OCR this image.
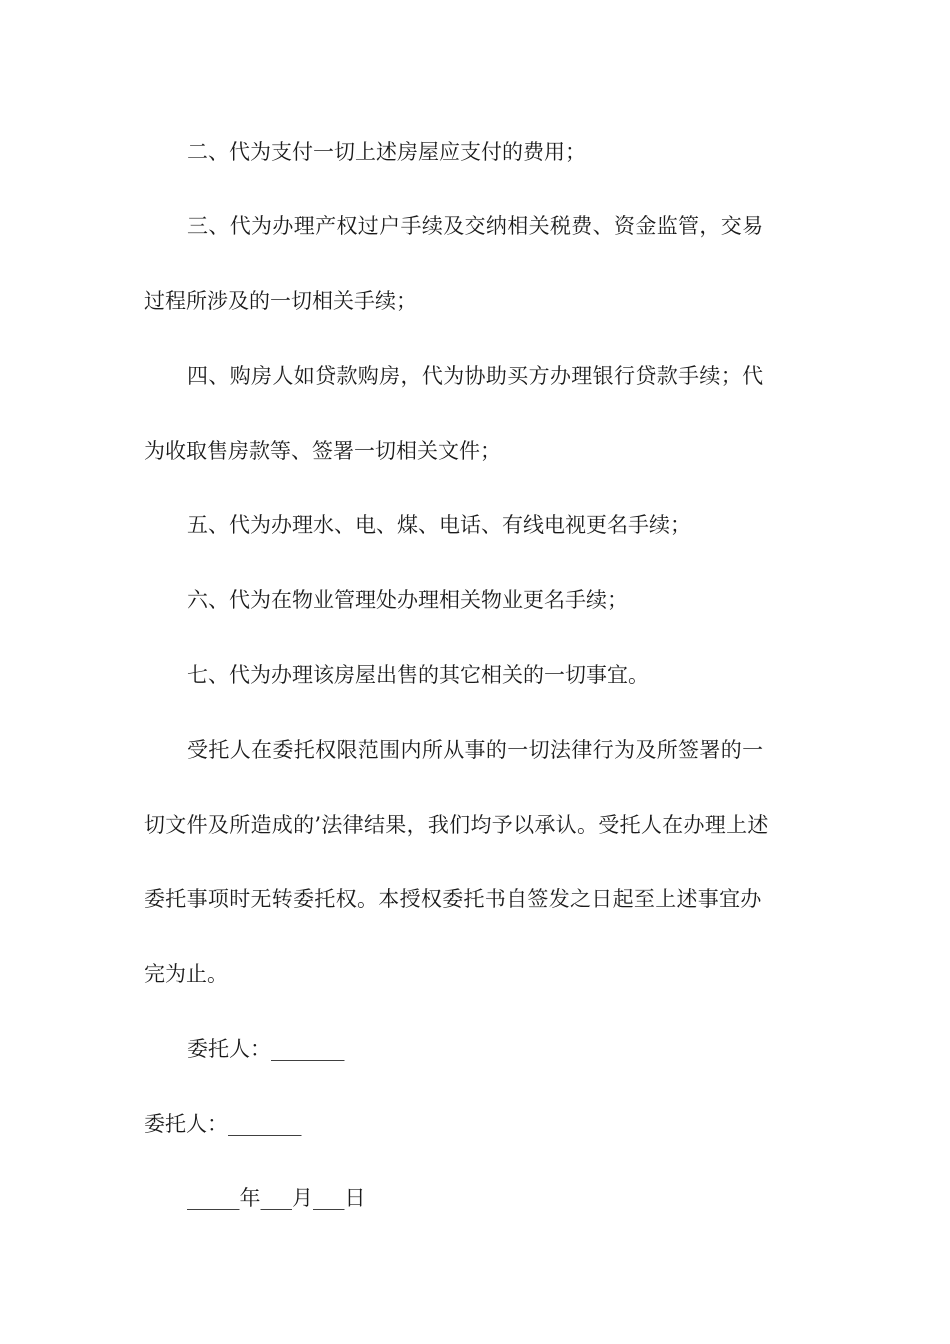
二、代为支付一切上述房屋应支付的费用；
三、代为办理产权过户手续及交纳相关税费、资金监管，交易
过程所涉及的一切相关手续；
四、购房人如贷款购房，代为协助买方办理银行贷款手续；代
为收取售房款等、签署一切相关文件；
五、代为办理水、电、煤、电话、有线电视更名手续；
六、代为在物业管理处办理相关物业更名手续；
七、代为办理该房屋出售的其它相关的一切事宜。
受托人在委托权限范围内所从事的一切法律行为及所签署的一
切文件及所造成的’法律结果，我们均予以承认。受托人在办理上述
委托事项时无转委托权。本授权委托书自签发之日起至上述事宜办
完为止。
委托人：_______
委托人：_______
_____年___月___日
